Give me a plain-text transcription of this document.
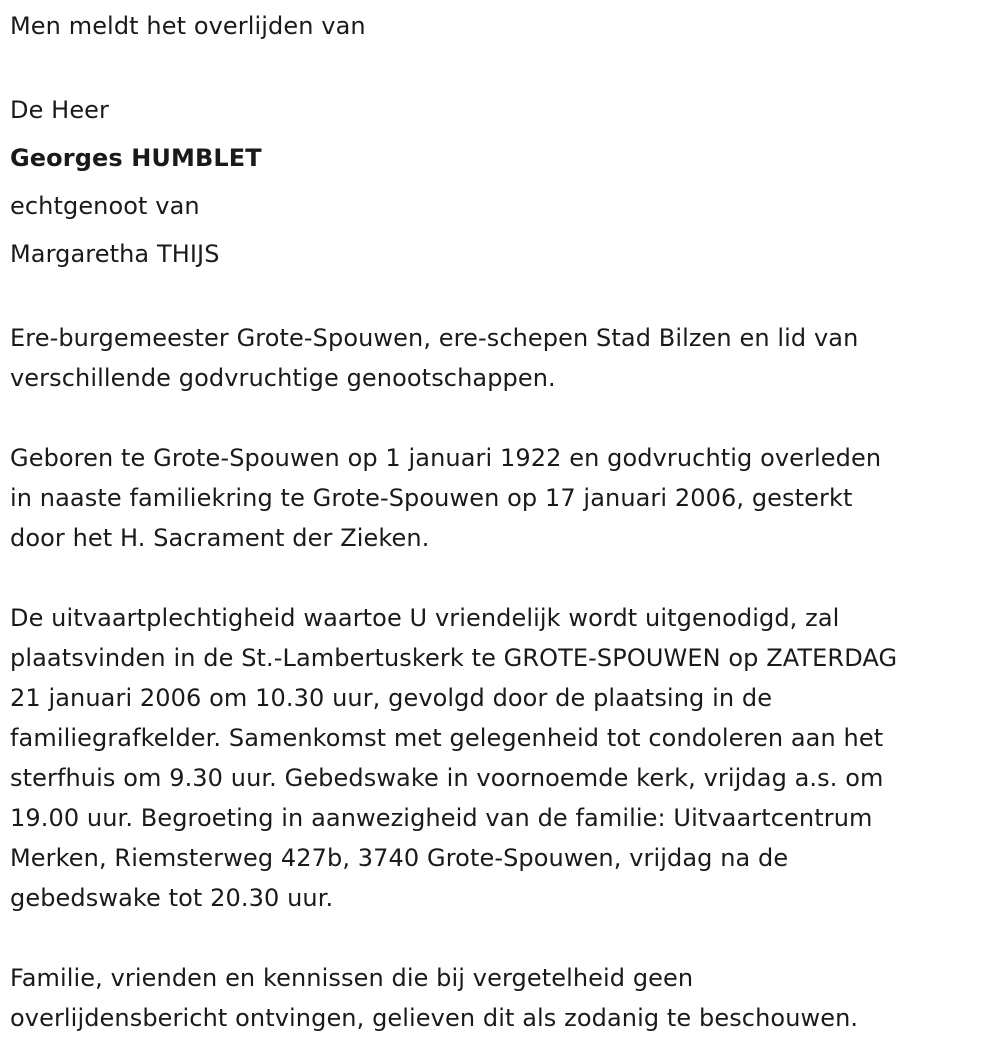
Men meldt het overlijden van
De Heer
Georges HUMBLET
echtgenoot van
Margaretha THIJS
Ere-burgemeester Grote-Spouwen, ere-schepen Stad Bilzen en lid van
verschillende godvruchtige genootschappen.
Geboren te Grote-Spouwen op 1 januari 1922 en godvruchtig overleden
in naaste familiekring te Grote-Spouwen op 17 januari 2006, gesterkt
door het H. Sacrament der Zieken.
De uitvaartplechtigheid waartoe U vriendelijk wordt uitgenodigd, zal
plaatsvinden in de St.-Lambertuskerk te GROTE-SPOUWEN op ZATERDAG
21 januari 2006 om 10.30 uur, gevolgd door de plaatsing in de
familiegrafkelder. Samenkomst met gelegenheid tot condoleren aan het
sterfhuis om 9.30 uur. Gebedswake in voornoemde kerk, vrijdag a.s. om
19.00 uur. Begroeting in aanwezigheid van de familie: Uitvaartcentrum
Merken, Riemsterweg 427b, 3740 Grote-Spouwen, vrijdag na de
gebedswake tot 20.30 uur.
Familie, vrienden en kennissen die bij vergetelheid geen
overlijdensbericht ontvingen, gelieven dit als zodanig te beschouwen.
